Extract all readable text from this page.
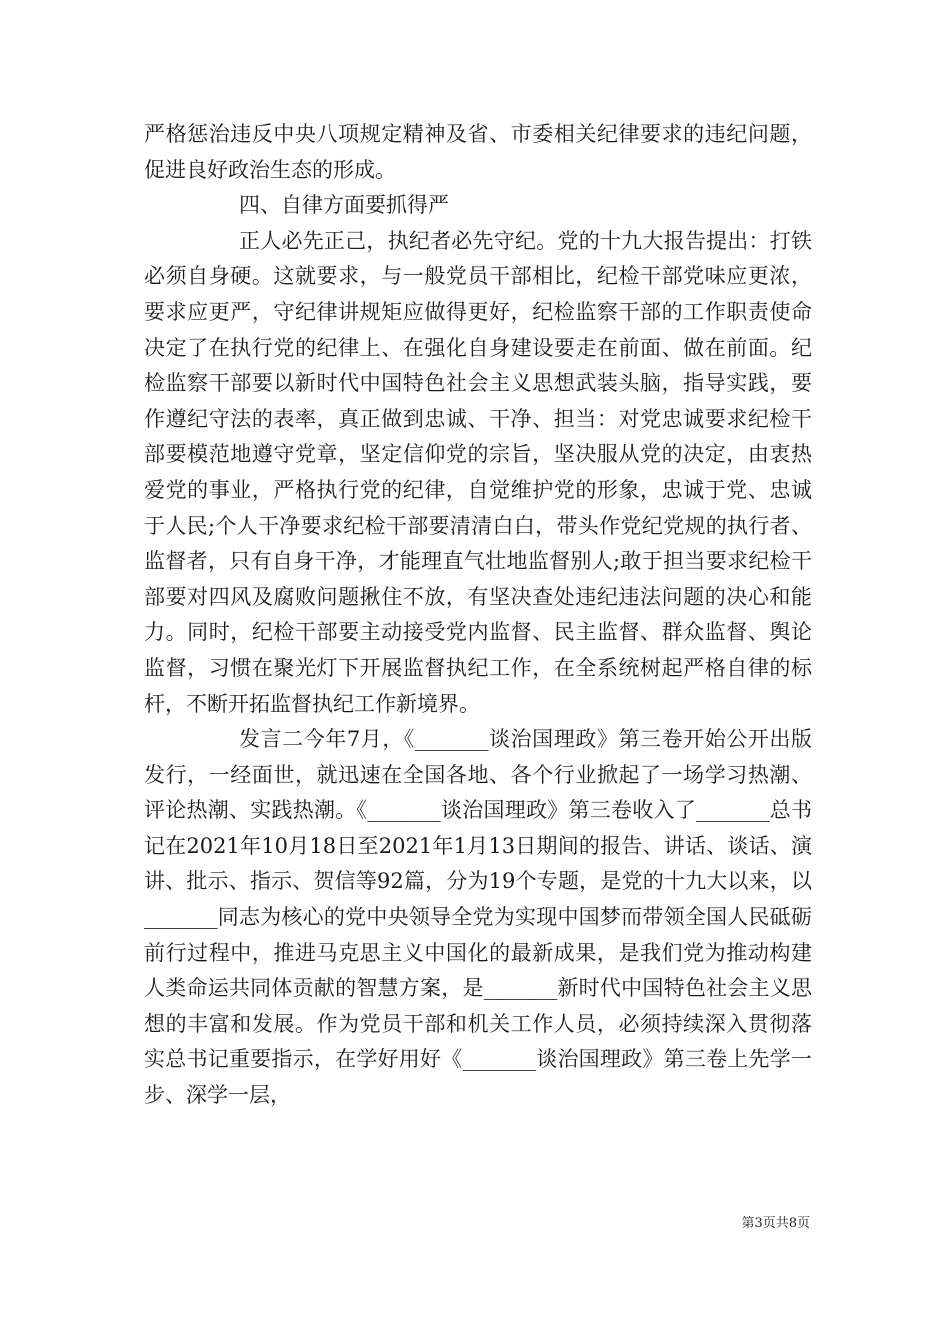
严格惩治违反中央八项规定精神及省、市委相关纪律要求的违纪问题，促进良好政治生态的形成。

四、自律方面要抓得严

正人必先正己，执纪者必先守纪。党的十九大报告提出：打铁必须自身硬。这就要求，与一般党员干部相比，纪检干部党味应更浓，要求应更严，守纪律讲规矩应做得更好，纪检监察干部的工作职责使命决定了在执行党的纪律上、在强化自身建设要走在前面、做在前面。纪检监察干部要以新时代中国特色社会主义思想武装头脑，指导实践，要作遵纪守法的表率，真正做到忠诚、干净、担当：对党忠诚要求纪检干部要模范地遵守党章，坚定信仰党的宗旨，坚决服从党的决定，由衷热爱党的事业，严格执行党的纪律，自觉维护党的形象，忠诚于党、忠诚于人民;个人干净要求纪检干部要清清白白，带头作党纪党规的执行者、监督者，只有自身干净，才能理直气壮地监督别人;敢于担当要求纪检干部要对四风及腐败问题揪住不放，有坚决查处违纪违法问题的决心和能力。同时，纪检干部要主动接受党内监督、民主监督、群众监督、舆论监督，习惯在聚光灯下开展监督执纪工作，在全系统树起严格自律的标杆，不断开拓监督执纪工作新境界。

发言二今年7月，《_______谈治国理政》第三卷开始公开出版发行，一经面世，就迅速在全国各地、各个行业掀起了一场学习热潮、评论热潮、实践热潮。《_______谈治国理政》第三卷收入了_______总书记在2021年10月18日至2021年1月13日期间的报告、讲话、谈话、演讲、批示、指示、贺信等92篇，分为19个专题，是党的十九大以来，以_______同志为核心的党中央领导全党为实现中国梦而带领全国人民砥砺前行过程中，推进马克思主义中国化的最新成果，是我们党为推动构建人类命运共同体贡献的智慧方案，是_______新时代中国特色社会主义思想的丰富和发展。作为党员干部和机关工作人员，必须持续深入贯彻落实总书记重要指示，在学好用好《_______谈治国理政》第三卷上先学一步、深学一层，

第3页共8页
